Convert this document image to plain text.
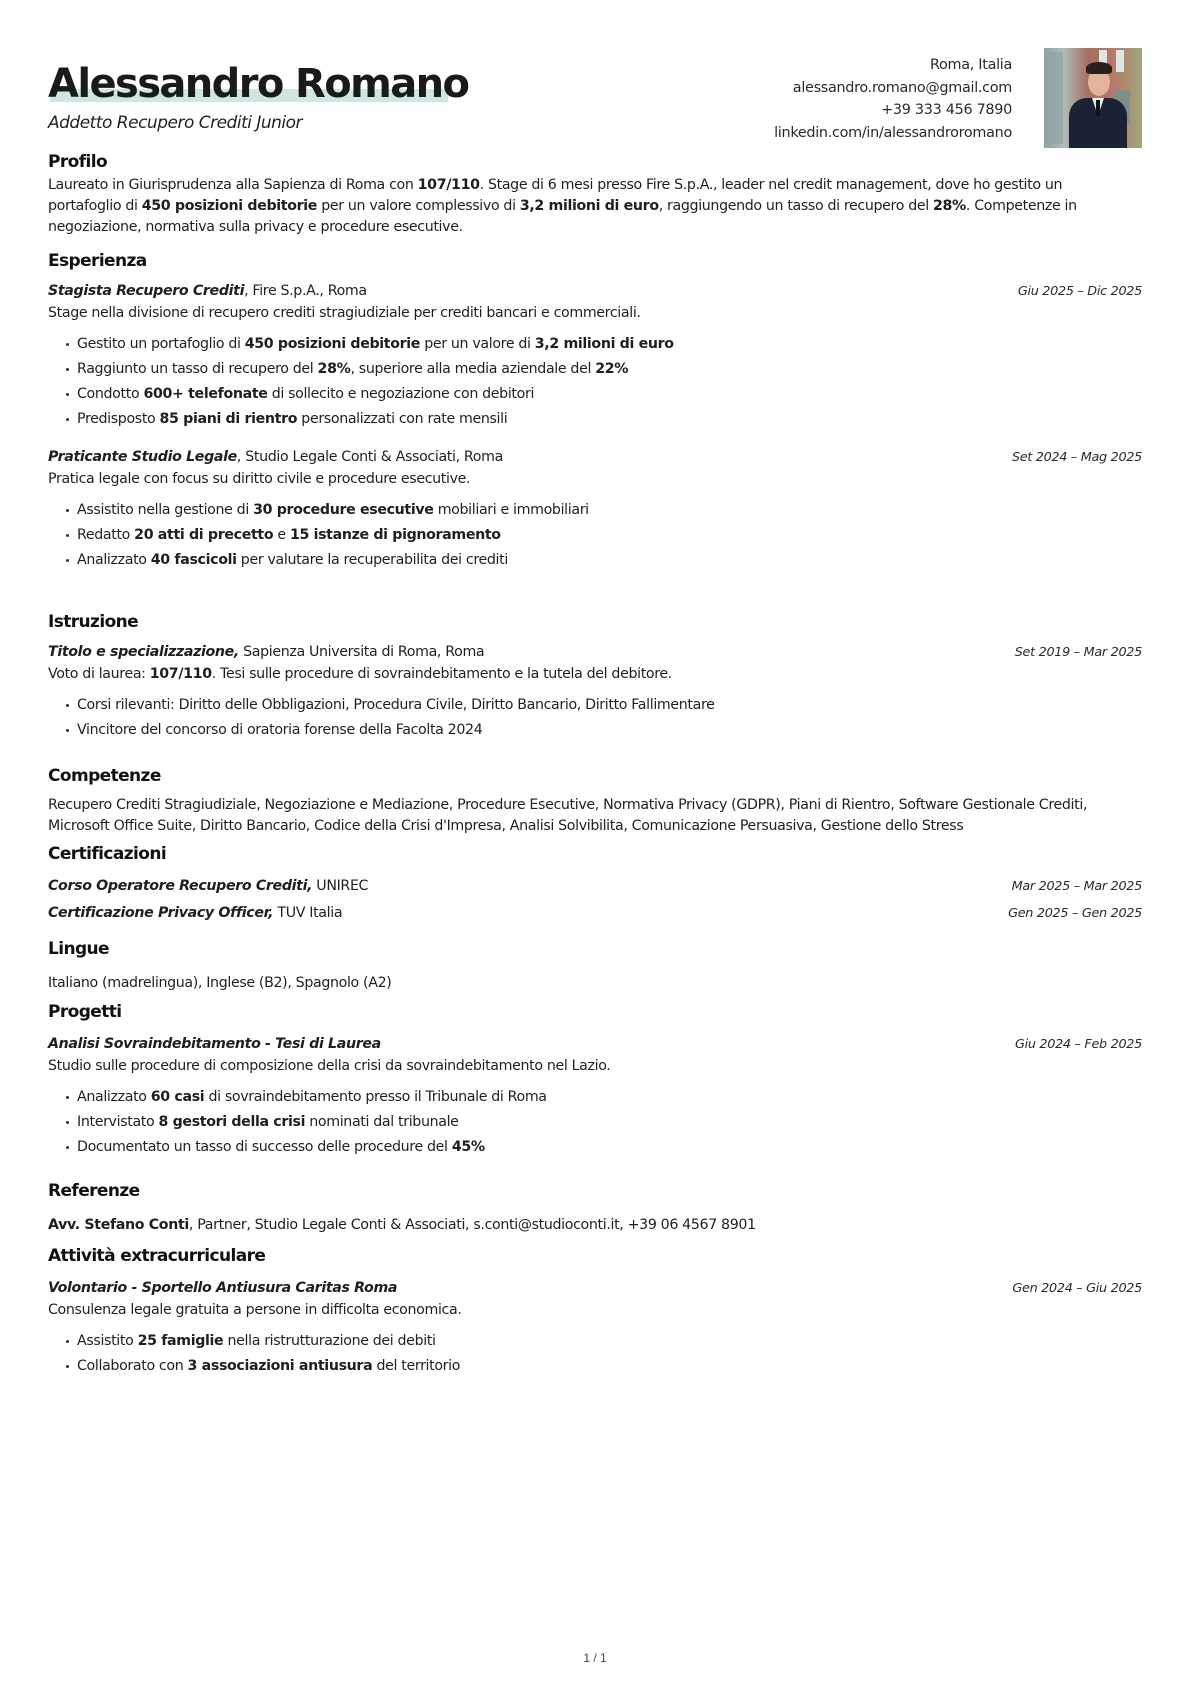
Alessandro Romano
Addetto Recupero Crediti Junior
Roma, Italia
alessandro.romano@gmail.com
+39 333 456 7890
linkedin.com/in/alessandroromano
Profilo
Laureato in Giurisprudenza alla Sapienza di Roma con 107/110. Stage di 6 mesi presso Fire S.p.A., leader nel credit management, dove ho gestito un
portafoglio di 450 posizioni debitorie per un valore complessivo di 3,2 milioni di euro, raggiungendo un tasso di recupero del 28%. Competenze in
negoziazione, normativa sulla privacy e procedure esecutive.
Esperienza
Stagista Recupero Crediti, Fire S.p.A., Roma	Giu 2025 – Dic 2025
Stage nella divisione di recupero crediti stragiudiziale per crediti bancari e commerciali.
Gestito un portafoglio di 450 posizioni debitorie per un valore di 3,2 milioni di euro
Raggiunto un tasso di recupero del 28%, superiore alla media aziendale del 22%
Condotto 600+ telefonate di sollecito e negoziazione con debitori
Predisposto 85 piani di rientro personalizzati con rate mensili
Praticante Studio Legale, Studio Legale Conti & Associati, Roma	Set 2024 – Mag 2025
Pratica legale con focus su diritto civile e procedure esecutive.
Assistito nella gestione di 30 procedure esecutive mobiliari e immobiliari
Redatto 20 atti di precetto e 15 istanze di pignoramento
Analizzato 40 fascicoli per valutare la recuperabilita dei crediti
Istruzione
Titolo e specializzazione, Sapienza Universita di Roma, Roma	Set 2019 – Mar 2025
Voto di laurea: 107/110. Tesi sulle procedure di sovraindebitamento e la tutela del debitore.
Corsi rilevanti: Diritto delle Obbligazioni, Procedura Civile, Diritto Bancario, Diritto Fallimentare
Vincitore del concorso di oratoria forense della Facolta 2024
Competenze
Recupero Crediti Stragiudiziale, Negoziazione e Mediazione, Procedure Esecutive, Normativa Privacy (GDPR), Piani di Rientro, Software Gestionale Crediti,
Microsoft Office Suite, Diritto Bancario, Codice della Crisi d'Impresa, Analisi Solvibilita, Comunicazione Persuasiva, Gestione dello Stress
Certificazioni
Corso Operatore Recupero Crediti, UNIREC	Mar 2025 – Mar 2025
Certificazione Privacy Officer, TUV Italia	Gen 2025 – Gen 2025
Lingue
Italiano (madrelingua), Inglese (B2), Spagnolo (A2)
Progetti
Analisi Sovraindebitamento - Tesi di Laurea	Giu 2024 – Feb 2025
Studio sulle procedure di composizione della crisi da sovraindebitamento nel Lazio.
Analizzato 60 casi di sovraindebitamento presso il Tribunale di Roma
Intervistato 8 gestori della crisi nominati dal tribunale
Documentato un tasso di successo delle procedure del 45%
Referenze
Avv. Stefano Conti, Partner, Studio Legale Conti & Associati, s.conti@studioconti.it, +39 06 4567 8901
Attività extracurriculare
Volontario - Sportello Antiusura Caritas Roma	Gen 2024 – Giu 2025
Consulenza legale gratuita a persone in difficolta economica.
Assistito 25 famiglie nella ristrutturazione dei debiti
Collaborato con 3 associazioni antiusura del territorio
1 / 1
